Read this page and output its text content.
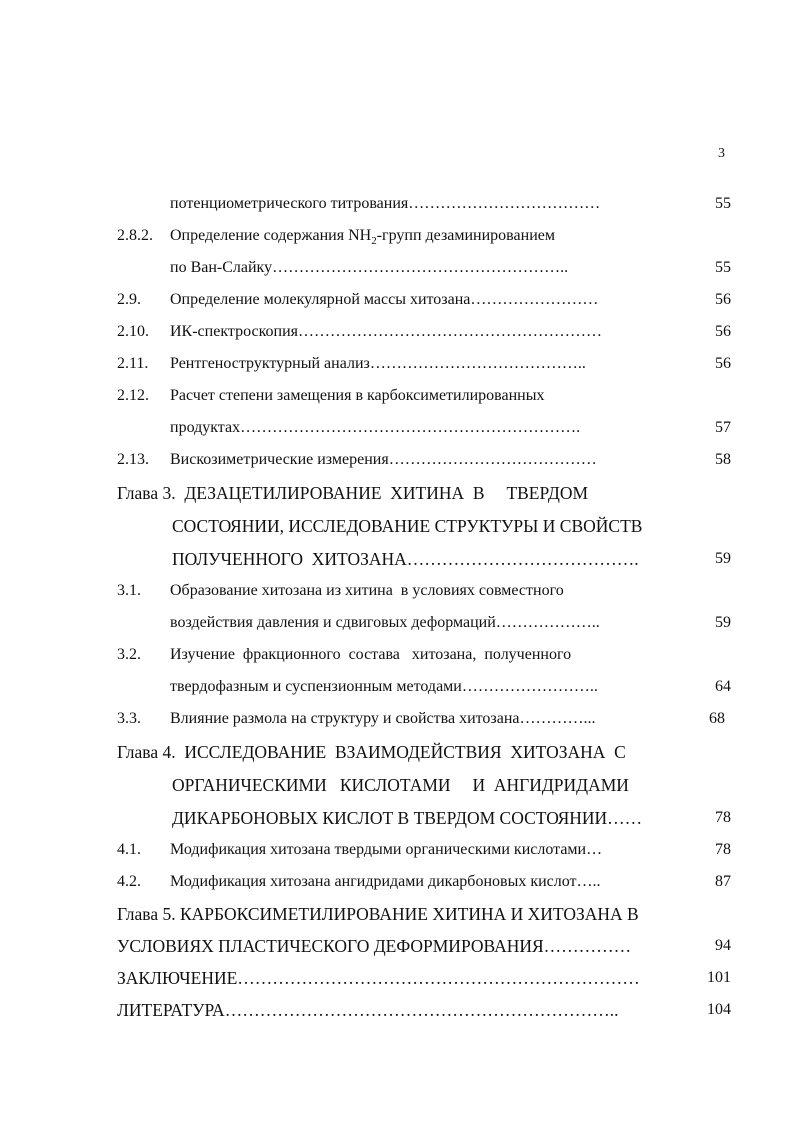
3
потенциометрического титрования………………………………	55
2.8.2. Определение содержания $NH_2$-групп дезаминированием
по Ван-Слайку………………………………………………..	55
2.9. Определение молекулярной массы хитозана……………………	56
2.10. ИК-спектроскопия…………………………………………………	56
2.11. Рентгеноструктурный анализ…………………………………..	56
2.12. Расчет степени замещения в карбоксиметилированных
продуктах……………………………………………………….	57
2.13. Вискозиметрические измерения…………………………………	58
Глава 3.  ДЕЗАЦЕТИЛИРОВАНИЕ  ХИТИНА  В     ТВЕРДОМ
СОСТОЯНИИ, ИССЛЕДОВАНИЕ СТРУКТУРЫ И СВОЙСТВ
ПОЛУЧЕННОГО  ХИТОЗАНА………………………………….	59
3.1. Образование хитозана из хитина  в условиях совместного
воздействия давления и сдвиговых деформаций………………..	59
3.2. Изучение  фракционного  состава   хитозана,  полученного
твердофазным и суспензионным методами……………………..	64
3.3. Влияние размола на структуру и свойства хитозана…………...	68
Глава 4.  ИССЛЕДОВАНИЕ  ВЗАИМОДЕЙСТВИЯ  ХИТОЗАНА  С
ОРГАНИЧЕСКИМИ   КИСЛОТАМИ     И  АНГИДРИДАМИ
ДИКАРБОНОВЫХ КИСЛОТ В ТВЕРДОМ СОСТОЯНИИ……	78
4.1. Модификация хитозана твердыми органическими кислотами…	78
4.2. Модификация хитозана ангидридами дикарбоновых кислот…..	87
Глава 5. КАРБОКСИМЕТИЛИРОВАНИЕ ХИТИНА И ХИТОЗАНА В
УСЛОВИЯХ ПЛАСТИЧЕСКОГО ДЕФОРМИРОВАНИЯ……………	94
ЗАКЛЮЧЕНИЕ……………………………………………………………	101
ЛИТЕРАТУРА…………………………………………………………..	104
